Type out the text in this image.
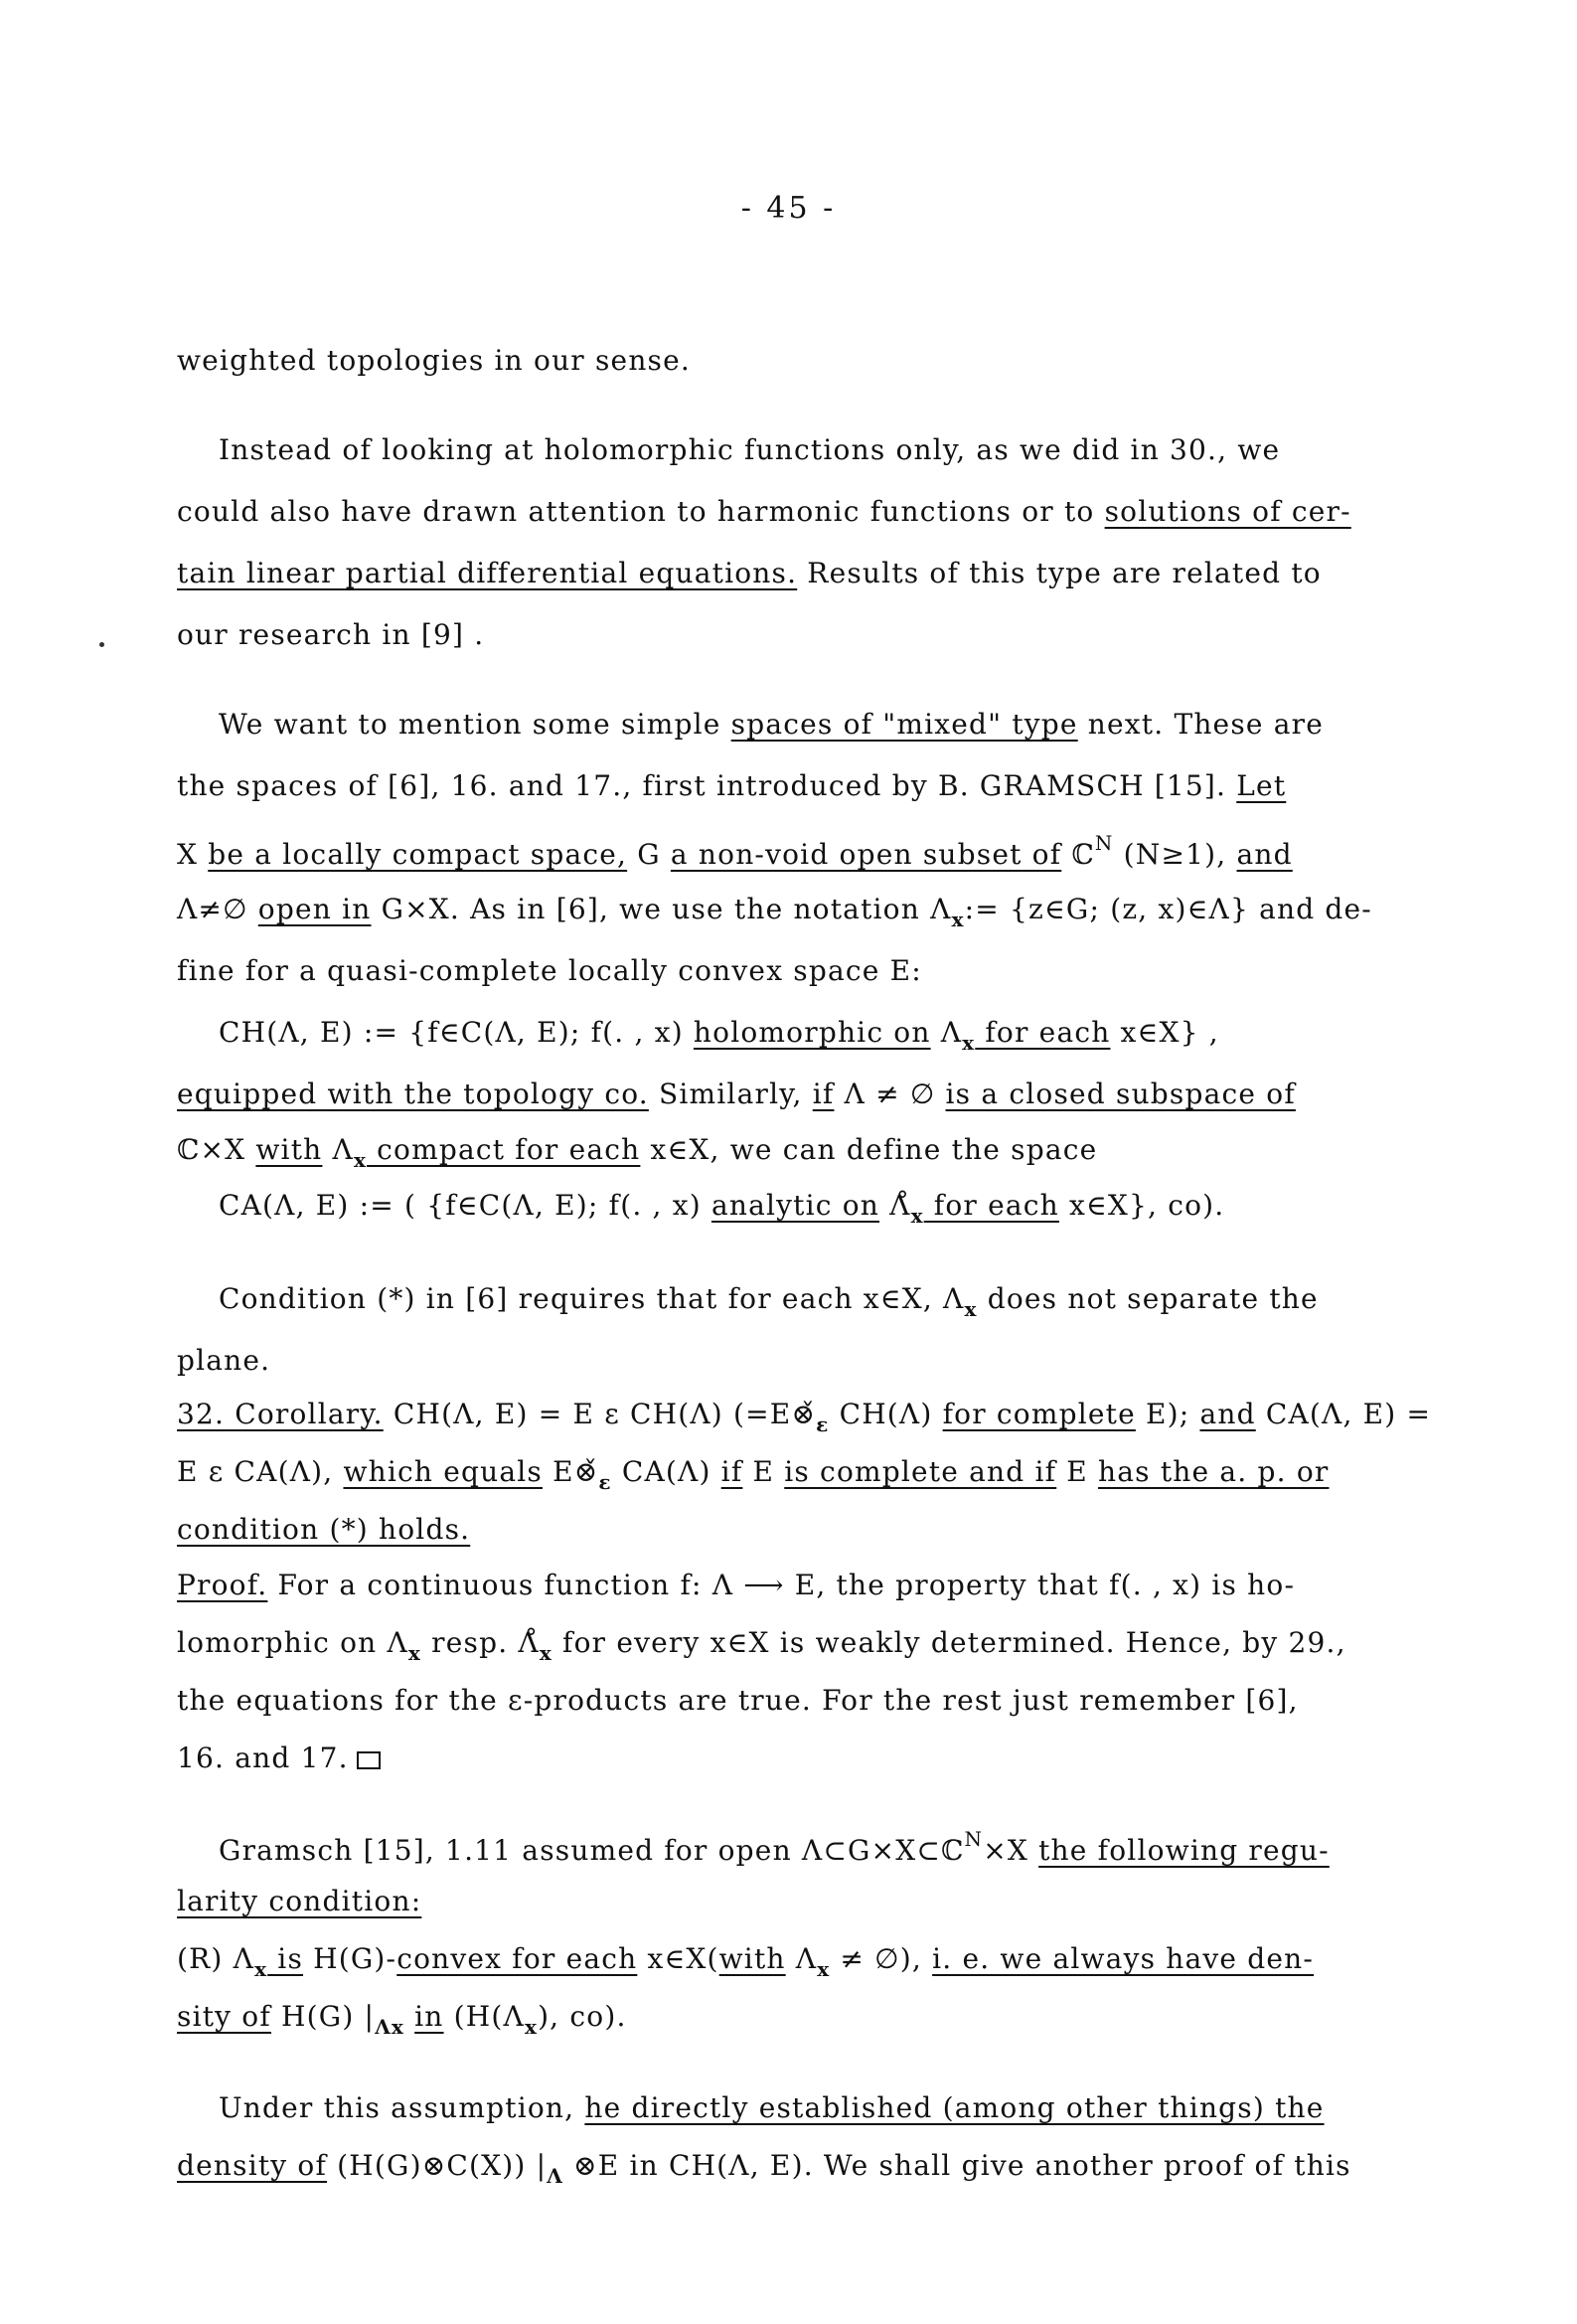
- 45 -
weighted topologies in our sense.
Instead of looking at holomorphic functions only, as we did in 30., we
could also have drawn attention to harmonic functions or to solutions of cer-
tain linear partial differential equations. Results of this type are related to
our research in [9] .
We want to mention some simple spaces of "mixed" type next. These are
the spaces of [6], 16. and 17., first introduced by B. GRAMSCH [15]. Let
X be a locally compact space, G a non-void open subset of ℂ$^N$ (N≥1), and
Λ≠∅ open in G×X. As in [6], we use the notation $\Lambda_x:=$ {z∈G; (z, x)∈Λ} and de-
fine for a quasi-complete locally convex space E:
CH(Λ, E) := {f∈C(Λ, E); f(. , x) holomorphic on $\Lambda_x$ for each x∈X} ,
equipped with the topology co. Similarly, if Λ ≠ ∅ is a closed subspace of
ℂ×X with $\Lambda_x$ compact for each x∈X, we can define the space
CA(Λ, E) := ( {f∈C(Λ, E); f(. , x) analytic on $\Lambdå_x$ for each x∈X}, co).
Condition (*) in [6] requires that for each x∈X, $\Lambda_x$ does not separate the
plane.
32. Corollary. CH(Λ, E) = E ε CH(Λ) ($=E\otimeš_\varepsilon$ CH(Λ) for complete E); and CA(Λ, E) =
E ε CA(Λ), which equals $E\otimeš_\varepsilon$ CA(Λ) if E is complete and if E has the a. p. or
condition (*) holds.
Proof. For a continuous function f: Λ ⟶ E, the property that f(. , x) is ho-
lomorphic on $\Lambda_x$ resp. $\Lambdå_x$ for every x∈X is weakly determined. Hence, by 29.,
the equations for the ε-products are true. For the rest just remember [6],
16. and 17.
Gramsch [15], 1.11 assumed for open Λ⊂G×X⊂ℂ$^N$×X the following regu-
larity condition:
(R) $\Lambda_x$ is H(G)-convex for each x∈X(with $\Lambda_x$ ≠ ∅), i. e. we always have den-
sity of H(G) $|_{\Lambda x}$ in ($H(\Lambda_x)$, co).
Under this assumption, he directly established (among other things) the
density of (H(G)⊗C(X)) $|_\Lambda$ ⊗E in CH(Λ, E). We shall give another proof of this
